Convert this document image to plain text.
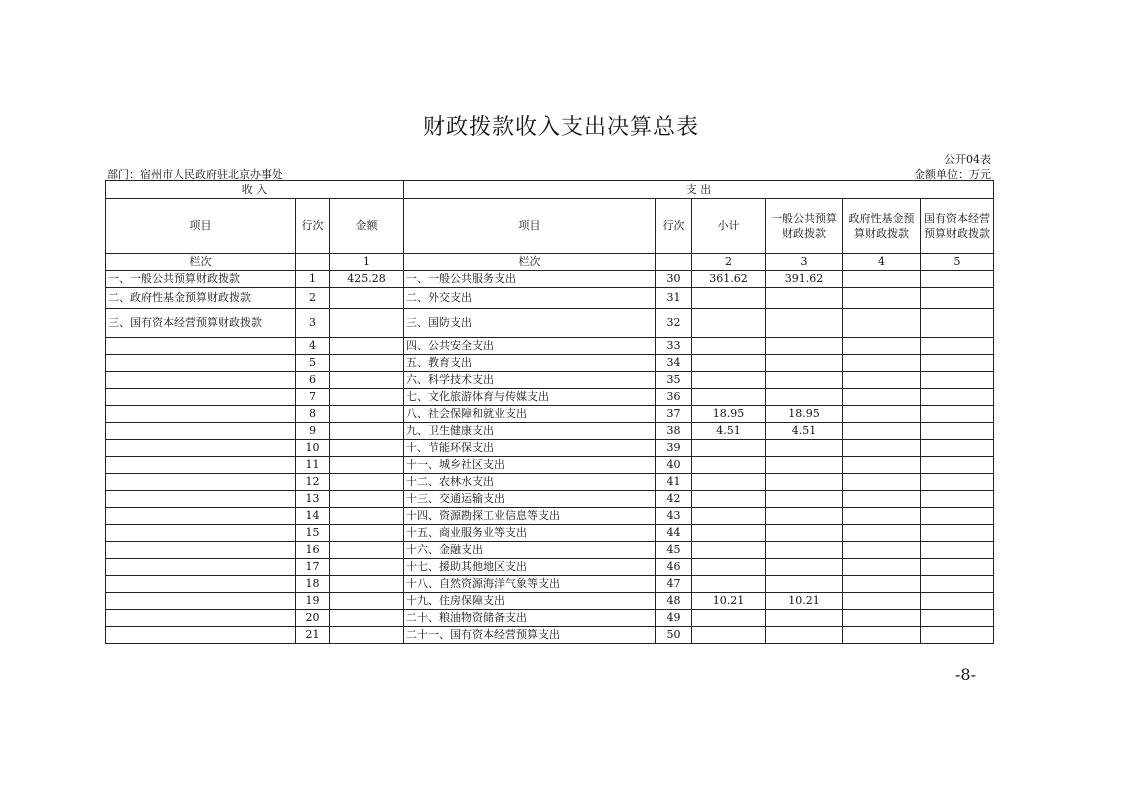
财政拨款收入支出决算总表
公开04表
部门：宿州市人民政府驻北京办事处	金额单位：万元
收 入			支 出					
项目	行次	金额	项目	行次	小计	一般公共预算财政拨款	政府性基金预算财政拨款	国有资本经营预算财政拨款
栏次		1	栏次		2	3	4	5
一、一般公共预算财政拨款	1	425.28	一、一般公共服务支出	30	361.62	391.62		
二、政府性基金预算财政拨款	2		二、外交支出	31				
三、国有资本经营预算财政拨款	3		三、国防支出	32				
	4		四、公共安全支出	33				
	5		五、教育支出	34				
	6		六、科学技术支出	35				
	7		七、文化旅游体育与传媒支出	36				
	8		八、社会保障和就业支出	37	18.95	18.95		
	9		九、卫生健康支出	38	4.51	4.51		
	10		十、节能环保支出	39				
	11		十一、城乡社区支出	40				
	12		十二、农林水支出	41				
	13		十三、交通运输支出	42				
	14		十四、资源勘探工业信息等支出	43				
	15		十五、商业服务业等支出	44				
	16		十六、金融支出	45				
	17		十七、援助其他地区支出	46				
	18		十八、自然资源海洋气象等支出	47				
	19		十九、住房保障支出	48	10.21	10.21		
	20		二十、粮油物资储备支出	49				
	21		二十一、国有资本经营预算支出	50				
-8-
